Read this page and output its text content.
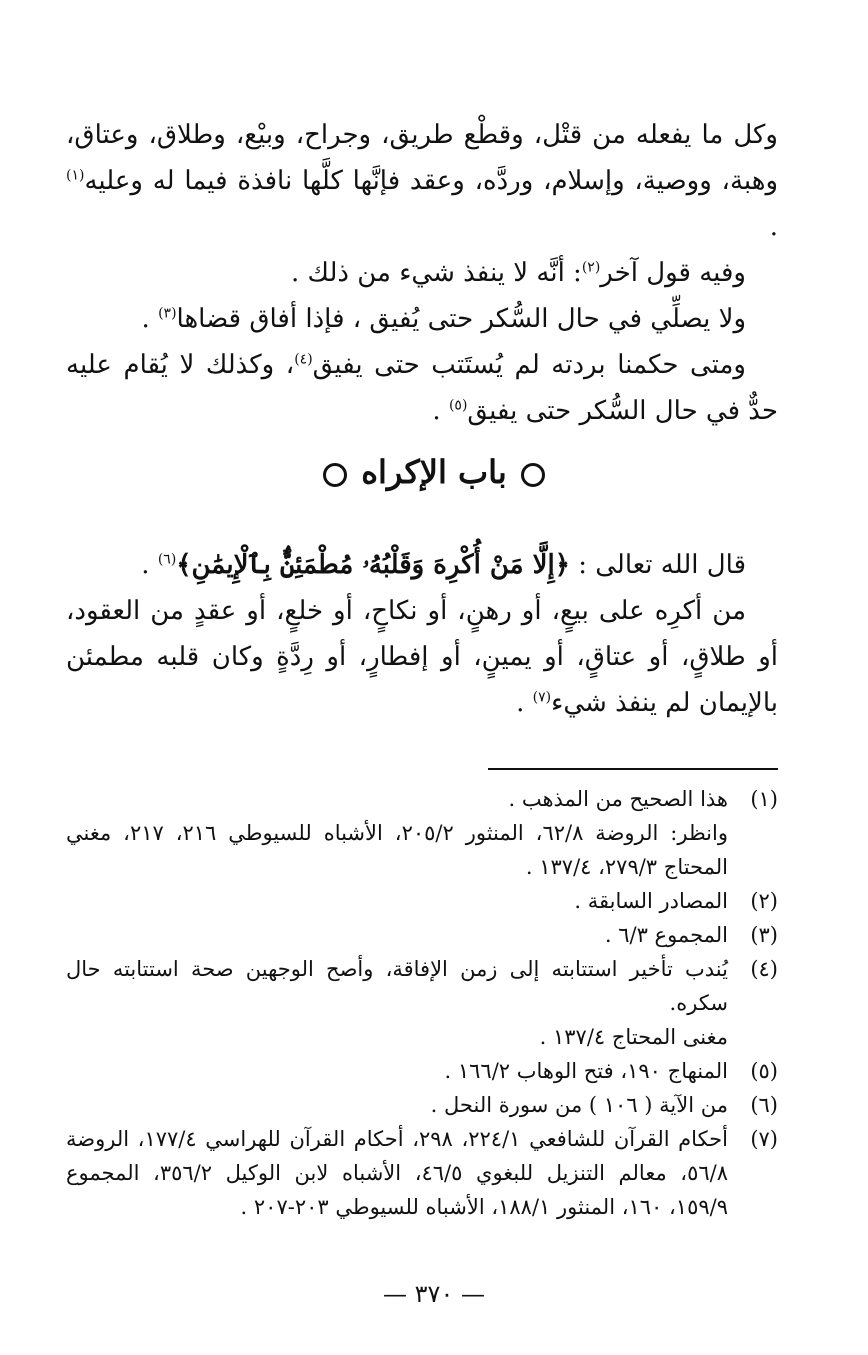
وكل ما يفعله من قتْل، وقطْع طريق، وجراح، وبيْع، وطلاق، وعتاق، وهبة، ووصية، وإسلام، وردَّه، وعقد فإنَّها كلَّها نافذة فيما له وعليه$^{(١)}$ .

وفيه قول آخر$^{(٢)}$: أنَّه لا ينفذ شيء من ذلك .

ولا يصلِّي في حال السُّكر حتى يُفيق ، فإذا أفاق قضاها$^{(٣)}$ .

ومتى حكمنا بردته لم يُستَتب حتى يفيق$^{(٤)}$، وكذلك لا يُقام عليه حدٌّ في حال السُّكر حتى يفيق$^{(٥)}$ .

باب الإكراه

قال الله تعالى : ﴿إِلَّا مَنْ أُكْرِهَ وَقَلْبُهُۥ مُطْمَئِنٌّۢ بِٱلْإِيمَٰنِ﴾$^{(٦)}$ .

من أكرِه على بيعٍ، أو رهنٍ، أو نكاحٍ، أو خلعٍ، أو عقدٍ من العقود، أو طلاقٍ، أو عتاقٍ، أو يمينٍ، أو إفطارٍ، أو رِدَّةٍ وكان قلبه مطمئن بالإيمان لم ينفذ شيء$^{(٧)}$ .

(١)

هذا الصحيح من المذهب .

وانظر: الروضة ٦٢/٨، المنثور ٢٠٥/٢، الأشباه للسيوطي ٢١٦، ٢١٧، مغني المحتاج ٢٧٩/٣، ١٣٧/٤ .

(٢)

المصادر السابقة .

(٣)

المجموع ٦/٣ .

(٤)

يُندب تأخير استتابته إلى زمن الإفاقة، وأصح الوجهين صحة استتابته حال سكره.

مغنى المحتاج ١٣٧/٤ .

(٥)

المنهاج ١٩٠، فتح الوهاب ١٦٦/٢ .

(٦)

من الآية ( ١٠٦ ) من سورة النحل .

(٧)

أحكام القرآن للشافعي ٢٢٤/١، ٢٩٨، أحكام القرآن للهراسي ١٧٧/٤، الروضة ٥٦/٨، معالم التنزيل للبغوي ٤٦/٥، الأشباه لابن الوكيل ٣٥٦/٢، المجموع ١٥٩/٩، ١٦٠، المنثور ١٨٨/١، الأشباه للسيوطي ٢٠٣-٢٠٧ .

— ٣٧٠ —
